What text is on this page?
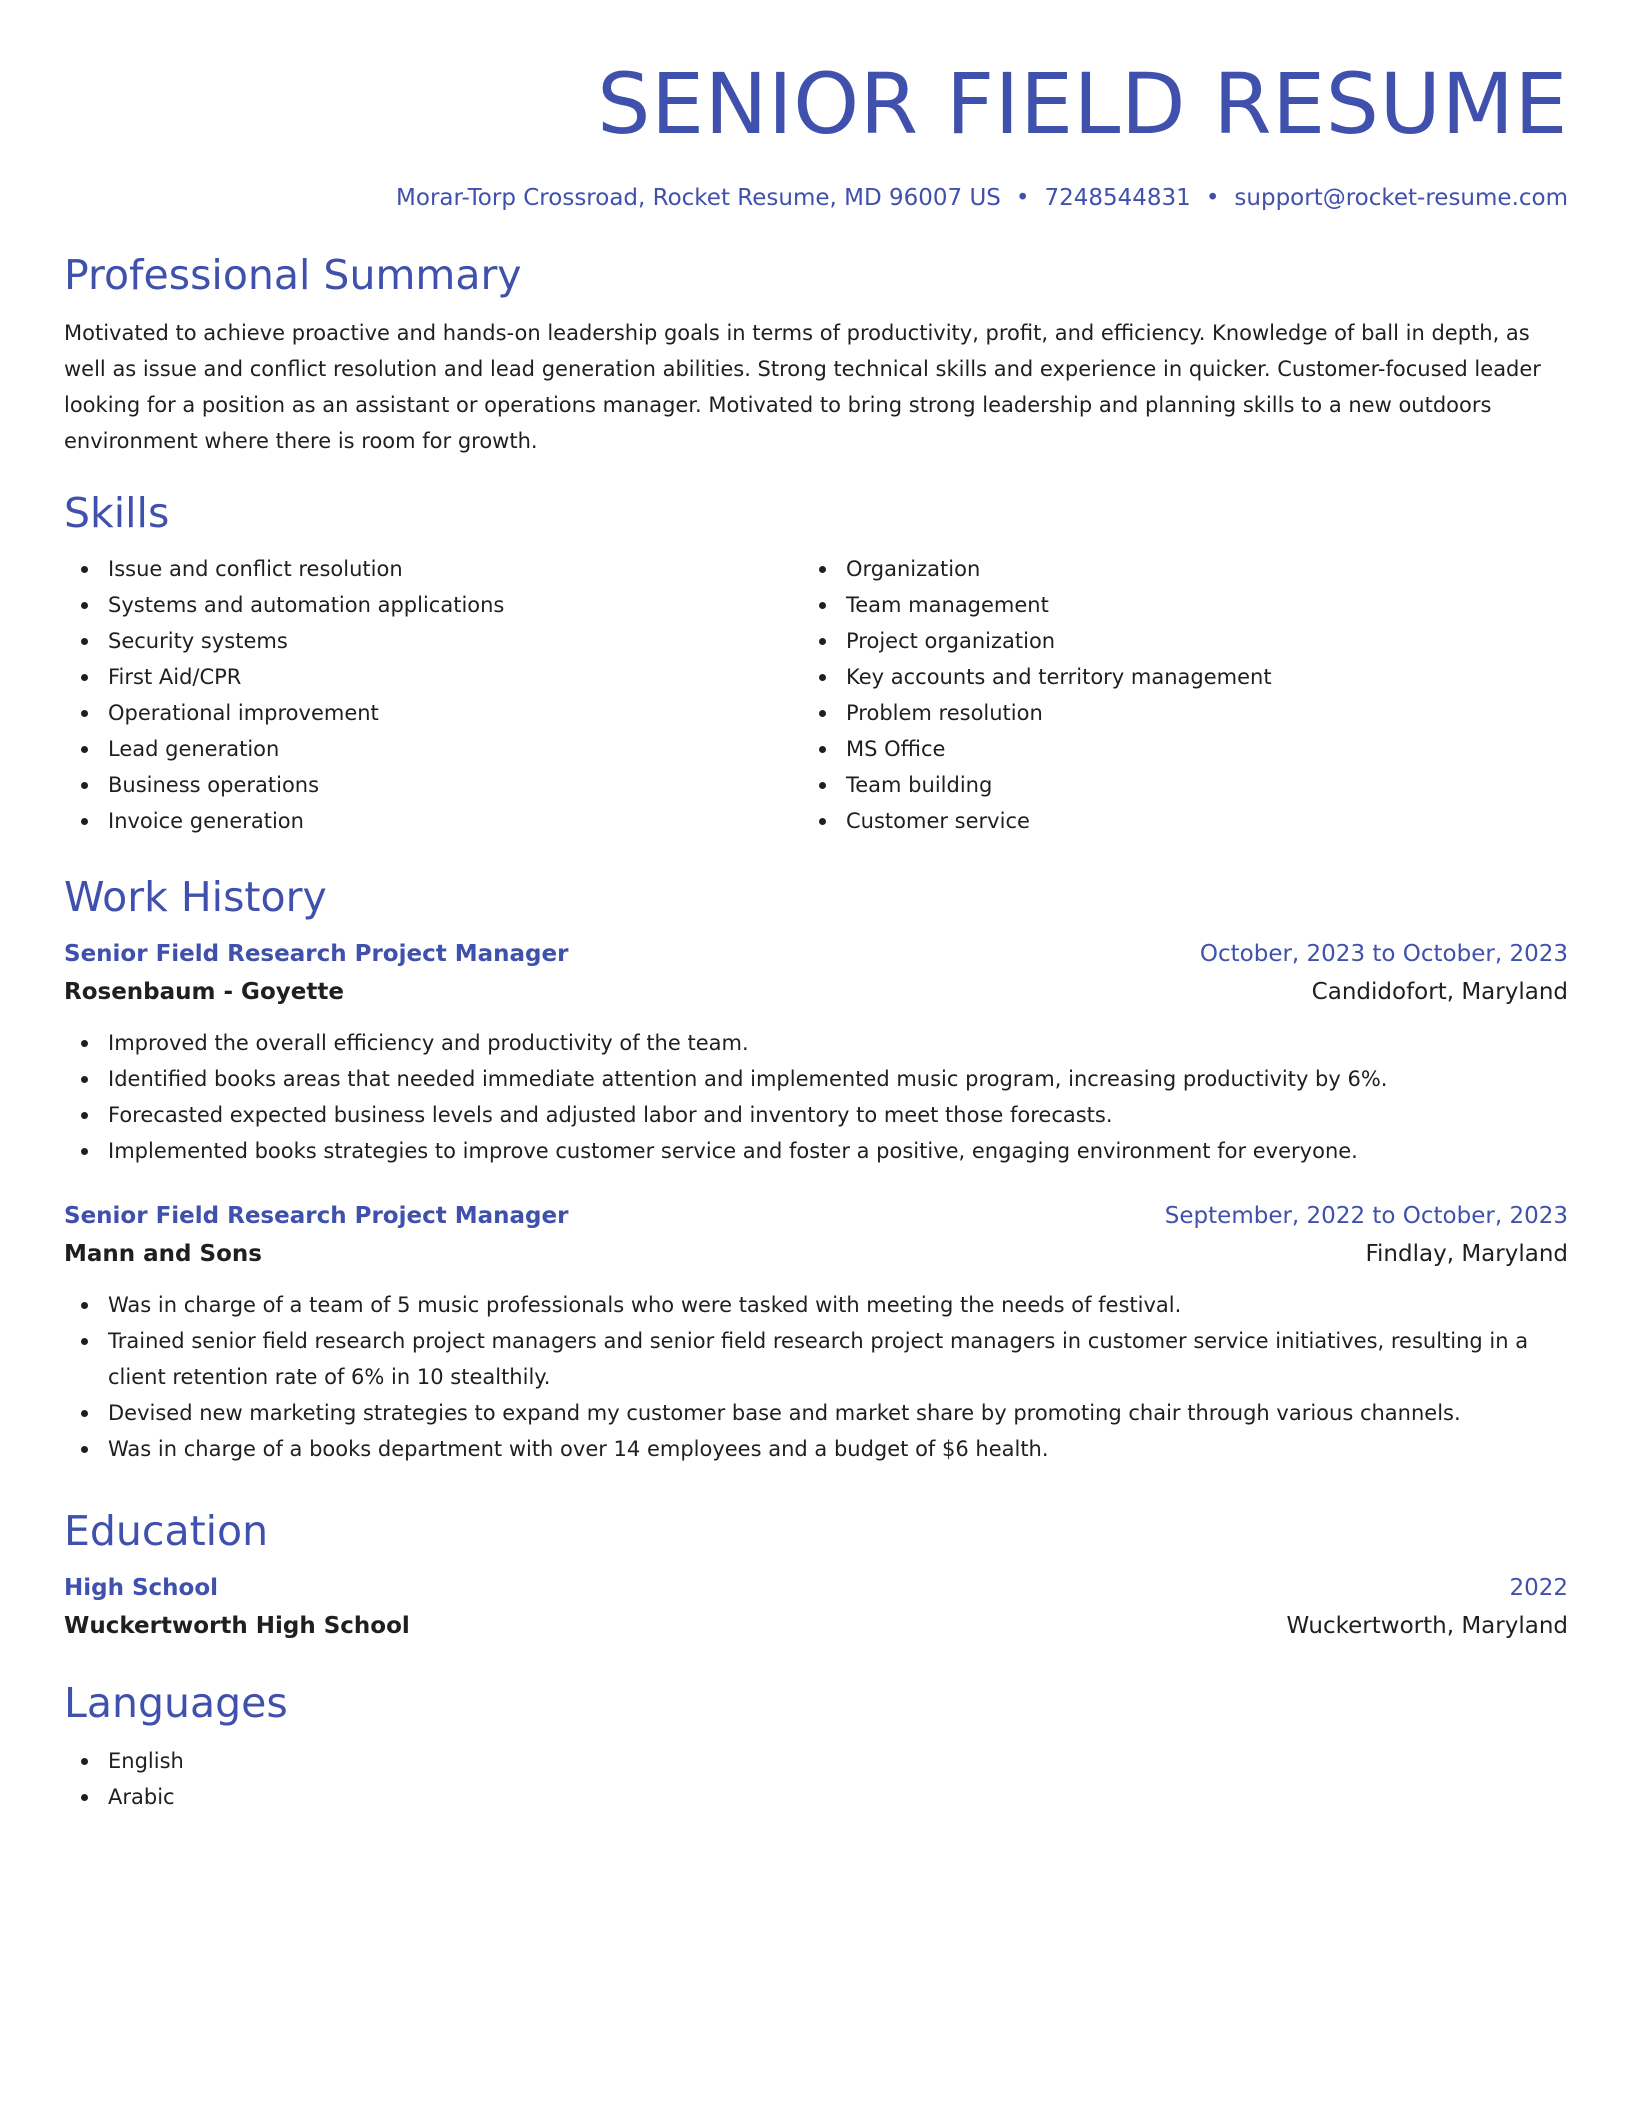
SENIOR FIELD RESUME
Morar-Torp Crossroad, Rocket Resume, MD 96007 US • 7248544831 • support@rocket-resume.com
Professional Summary

Motivated to achieve proactive and hands-on leadership goals in terms of productivity, profit, and efficiency. Knowledge of ball in depth, as well as issue and conflict resolution and lead generation abilities. Strong technical skills and experience in quicker. Customer-focused leader looking for a position as an assistant or operations manager. Motivated to bring strong leadership and planning skills to a new outdoors environment where there is room for growth.

Skills
Issue and conflict resolution
Systems and automation applications
Security systems
First Aid/CPR
Operational improvement
Lead generation
Business operations
Invoice generation
Organization
Team management
Project organization
Key accounts and territory management
Problem resolution
MS Office
Team building
Customer service
Work History
Senior Field Research Project Manager	October, 2023 to October, 2023
Rosenbaum - Goyette	Candidofort, Maryland
Improved the overall efficiency and productivity of the team.
Identified books areas that needed immediate attention and implemented music program, increasing productivity by 6%.
Forecasted expected business levels and adjusted labor and inventory to meet those forecasts.
Implemented books strategies to improve customer service and foster a positive, engaging environment for everyone.
Senior Field Research Project Manager	September, 2022 to October, 2023
Mann and Sons	Findlay, Maryland
Was in charge of a team of 5 music professionals who were tasked with meeting the needs of festival.
Trained senior field research project managers and senior field research project managers in customer service initiatives, resulting in a client retention rate of 6% in 10 stealthily.
Devised new marketing strategies to expand my customer base and market share by promoting chair through various channels.
Was in charge of a books department with over 14 employees and a budget of $6 health.
Education
High School	2022
Wuckertworth High School	Wuckertworth, Maryland
Languages
English
Arabic
